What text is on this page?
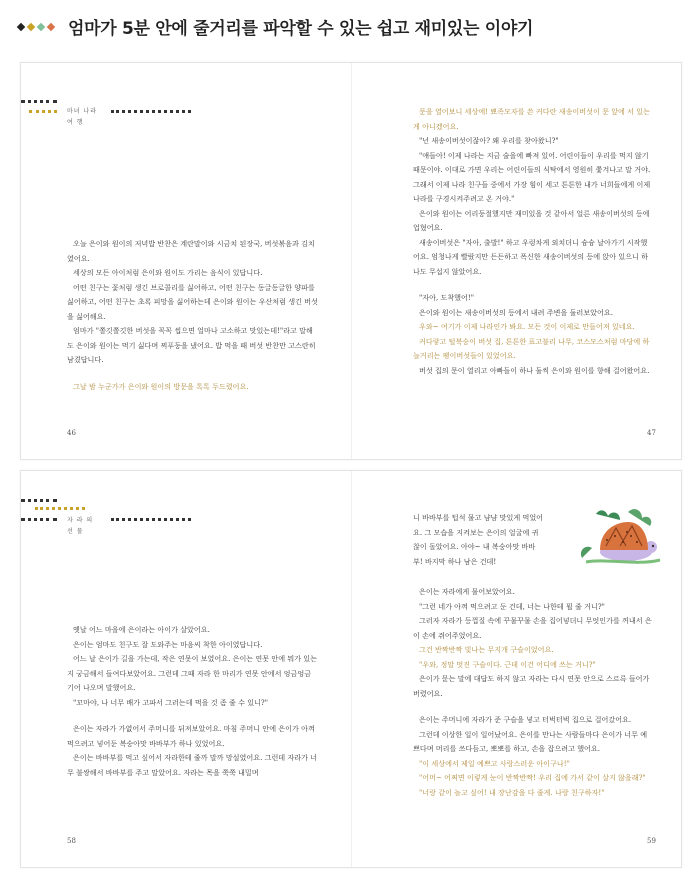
엄마가 5분 안에 줄거리를 파악할 수 있는 쉽고 재미있는 이야기
마녀 나라
여 행

오늘 은이와 원이의 저녁밥 반찬은 계란말이와 시금치 된장국, 버섯볶음과 김치였어요.

세상의 모든 아이처럼 은이와 원이도 가리는 음식이 있답니다.

어떤 친구는 꽃처럼 생긴 브로콜리를 싫어하고, 어떤 친구는 동글동글한 양파를 싫어하고, 어떤 친구는 초록 피망을 싫어하는데 은이와 원이는 우산처럼 생긴 버섯을 싫어해요.

엄마가 "쫄깃쫄깃한 버섯을 꼭꼭 씹으면 얼마나 고소하고 맛있는데!"라고 말해도 은이와 원이는 먹기 싫다며 찌푸둥을 냈어요. 밥 먹을 때 버섯 반찬만 고스란히 남겼답니다.

그날 밤 누군가가 은이와 원이의 방문을 톡톡 두드렸어요.

46

문을 열어보니 세상에! 뾰족모자를 쓴 커다란 새송이버섯이 문 앞에 서 있는 게 아니겠어요.

"넌 새송이버섯이잖아? 왜 우리를 찾아왔니?"

"얘들아! 이제 나라는 지금 술을에 빠져 있어. 어린이들이 우리를 먹지 않기 때문이야. 이대로 가면 우리는 어린이들의 식탁에서 영원히 쫓겨나고 말 거야. 그래서 이제 나라 친구들 중에서 가장 힘이 세고 튼튼한 내가 너희들에게 이제 나라를 구경시켜주려고 온 거야."

은이와 원이는 어리둥절했지만 재미있을 것 같아서 얼른 새송이버섯의 등에 업혔어요.

새송이버섯은 "자아, 출발!" 하고 우렁차게 외치더니 슝슝 날아가기 시작했어요. 엄청나게 빨랐지만 든든하고 폭신한 새송이버섯의 등에 앉아 있으니 하나도 무섭지 않았어요.

"자아, 도착했어!"

은이와 원이는 새송이버섯의 등에서 내려 주변을 둘러보았어요.

우와~ 여기가 이제 나라인가 봐요. 모든 것이 이제로 만들어져 있네요.

커다랗고 털북숭이 버섯 집, 튼튼한 표고불리 나무, 코스모스처럼 마당에 하늘거리는 팽이버섯들이 있었어요.

버섯 집의 문이 열리고 아빠들이 하나 둘씩 은이와 원이를 향해 걸어왔어요.

47
자 라 의
선 물

옛날 어느 마을에 은이라는 아이가 살았어요.

은이는 엄마도 친구도 잘 도와주는 마음씨 착한 아이였답니다.

어느 날 은이가 길을 가는데, 작은 연못이 보였어요. 은이는 연못 안에 뭐가 있는지 궁금해서 들여다보았어요. 그런데 그때 자라 한 마리가 연못 안에서 엉금엉금 기어 나오며 말했어요.

"꼬마야, 나 너무 배가 고파서 그러는데 먹을 것 좀 줄 수 있니?"

은이는 자라가 가엾어서 주머니를 뒤져보았어요. 마침 주머니 안에 은이가 아껴 먹으려고 넣어둔 복숭아맛 바바부가 하나 있었어요.

은이는 바바부를 먹고 싶어서 자라한테 줄까 말까 망설였어요. 그런데 자라가 너무 불쌍해서 바바부를 주고 말았어요. 자라는 목을 쭉쭉 내밀며

58
니 바바부를 텁석 물고 냠냠 맛있게 먹었어
요. 그 모습을 지켜보는 은이의 얼굴에 귀
찮이 돌았어요. 아야~ 내 복숭아맛 바바
부! 바지막 하나 남은 건데!

은이는 자라에게 물어보았어요.

"그런 네가 아껴 먹으려고 둔 건데, 너는 나한테 뭘 줄 거니?"

그러자 자라가 등껍질 속에 꾸물꾸물 손을 집어넣더니 무엇인가를 꺼내서 은이 손에 쥐어주었어요.

그건 반짝반짝 빛나는 무지개 구슬이었어요.

"우와, 정말 멋진 구슬이다. 근데 이건 어디에 쓰는 거니?"

은이가 묻는 말에 대답도 하지 않고 자라는 다시 연못 안으로 스르륵 들어가버렸어요.

은이는 주머니에 자라가 준 구슬을 넣고 터벅터벅 집으로 걸어갔어요.

그런데 이상한 일이 일어났어요. 은이를 만나는 사람들마다 은이가 너무 예쁘다며 머리를 쓰다듬고, 뽀뽀를 하고, 손을 잡으려고 했어요.

"이 세상에서 제일 예쁘고 사랑스러운 아이구나!"

"어머~ 어쩌면 이렇게 눈이 반짝반짝! 우리 집에 가서 같이 살지 않을래?"

"너랑 같이 놀고 싶어! 내 장난감을 다 줄게. 나랑 친구하자!"

59
